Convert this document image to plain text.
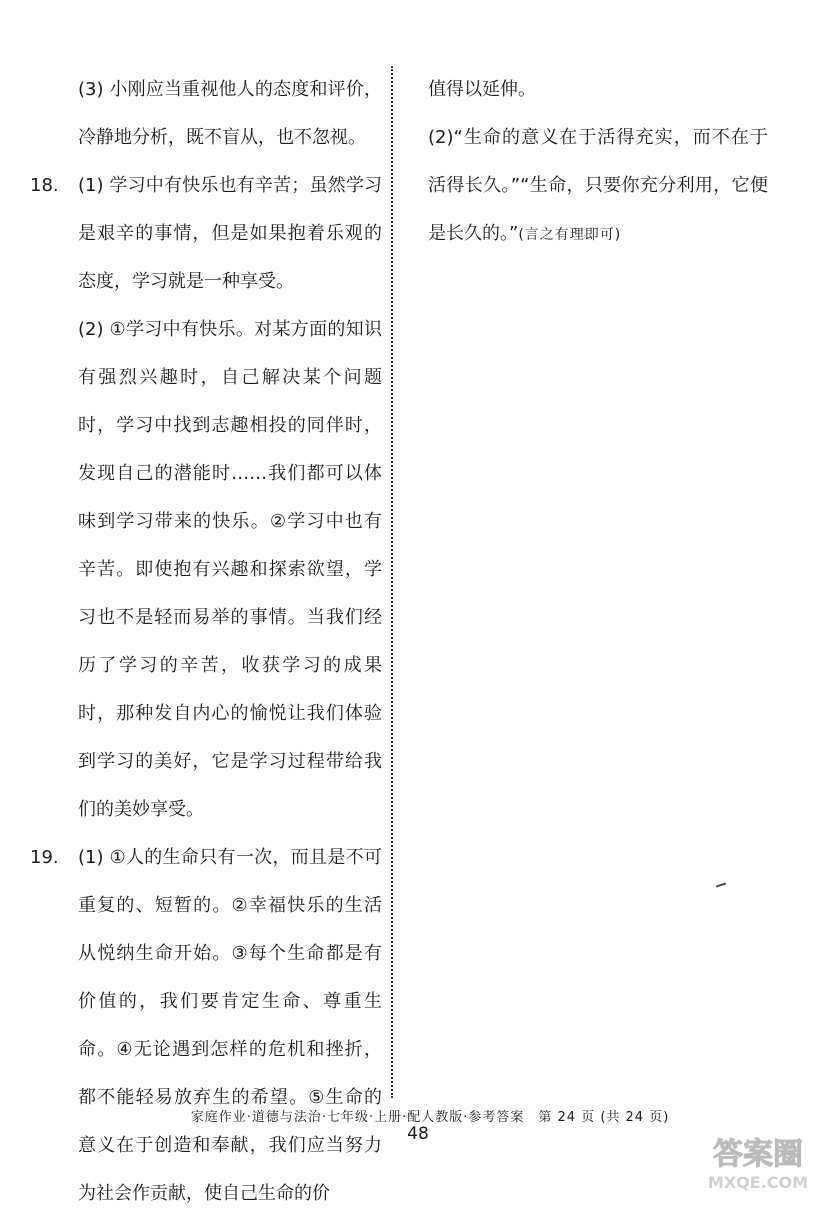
(3) 小刚应当重视他人的态度和评价，冷静地分析，既不盲从，也不忽视。

18.	(1) 学习中有快乐也有辛苦；虽然学习是艰辛的事情，但是如果抱着乐观的态度，学习就是一种享受。

(2) ①学习中有快乐。对某方面的知识有强烈兴趣时，自己解决某个问题时，学习中找到志趣相投的同伴时，发现自己的潜能时……我们都可以体味到学习带来的快乐。②学习中也有辛苦。即使抱有兴趣和探索欲望，学习也不是轻而易举的事情。当我们经历了学习的辛苦，收获学习的成果时，那种发自内心的愉悦让我们体验到学习的美好，它是学习过程带给我们的美妙享受。

19.	(1) ①人的生命只有一次，而且是不可重复的、短暂的。②幸福快乐的生活从悦纳生命开始。③每个生命都是有价值的，我们要肯定生命、尊重生命。④无论遇到怎样的危机和挫折，都不能轻易放弃生的希望。⑤生命的意义在于创造和奉献，我们应当努力为社会作贡献，使自己生命的价

值得以延伸。

(2)“生命的意义在于活得充实，而不在于活得长久。”“生命，只要你充分利用，它便是长久的。”(言之有理即可)

家庭作业·道德与法治·七年级·上册·配人教版·参考答案　第 24 页 (共 24 页)
48
答案圈
MXQE.COM
